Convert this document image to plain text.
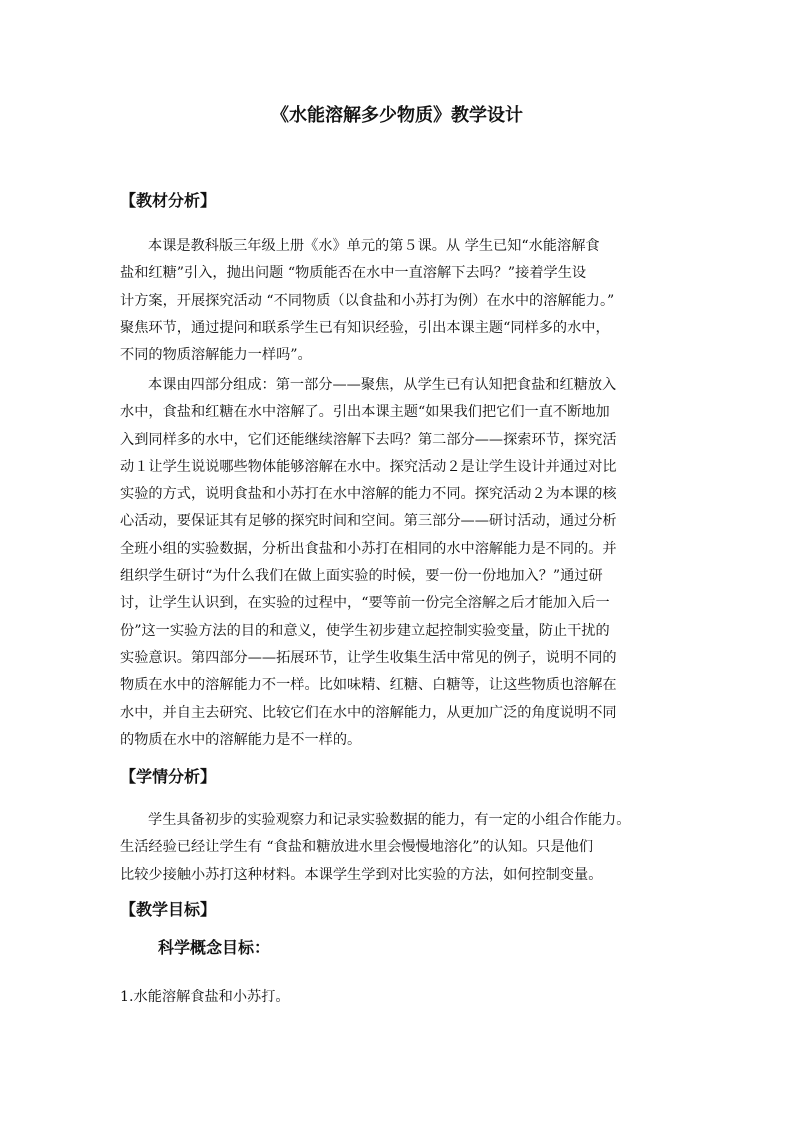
《水能溶解多少物质》教学设计
【教材分析】
本课是教科版三年级上册《水》单元的第５课。从 学生已知“水能溶解食
盐和红糖”引入，抛出问题 “物质能否在水中一直溶解下去吗？”接着学生设
计方案，开展探究活动 “不同物质（以食盐和小苏打为例）在水中的溶解能力。”
聚焦环节，通过提问和联系学生已有知识经验，引出本课主题“同样多的水中，
不同的物质溶解能力一样吗”。
本课由四部分组成：第一部分——聚焦，从学生已有认知把食盐和红糖放入
水中，食盐和红糖在水中溶解了。引出本课主题“如果我们把它们一直不断地加
入到同样多的水中，它们还能继续溶解下去吗？第二部分——探索环节，探究活
动１让学生说说哪些物体能够溶解在水中。探究活动２是让学生设计并通过对比
实验的方式，说明食盐和小苏打在水中溶解的能力不同。探究活动２为本课的核
心活动，要保证其有足够的探究时间和空间。第三部分——研讨活动，通过分析
全班小组的实验数据，分析出食盐和小苏打在相同的水中溶解能力是不同的。并
组织学生研讨“为什么我们在做上面实验的时候，要一份一份地加入？”通过研
讨，让学生认识到，在实验的过程中，“要等前一份完全溶解之后才能加入后一
份”这一实验方法的目的和意义，使学生初步建立起控制实验变量，防止干扰的
实验意识。第四部分——拓展环节，让学生收集生活中常见的例子，说明不同的
物质在水中的溶解能力不一样。比如味精、红糖、白糖等，让这些物质也溶解在
水中，并自主去研究、比较它们在水中的溶解能力，从更加广泛的角度说明不同
的物质在水中的溶解能力是不一样的。
【学情分析】
学生具备初步的实验观察力和记录实验数据的能力，有一定的小组合作能力。
生活经验已经让学生有 “食盐和糖放进水里会慢慢地溶化”的认知。只是他们
比较少接触小苏打这种材料。本课学生学到对比实验的方法，如何控制变量。
【教学目标】
科学概念目标：

1.水能溶解食盐和小苏打。
